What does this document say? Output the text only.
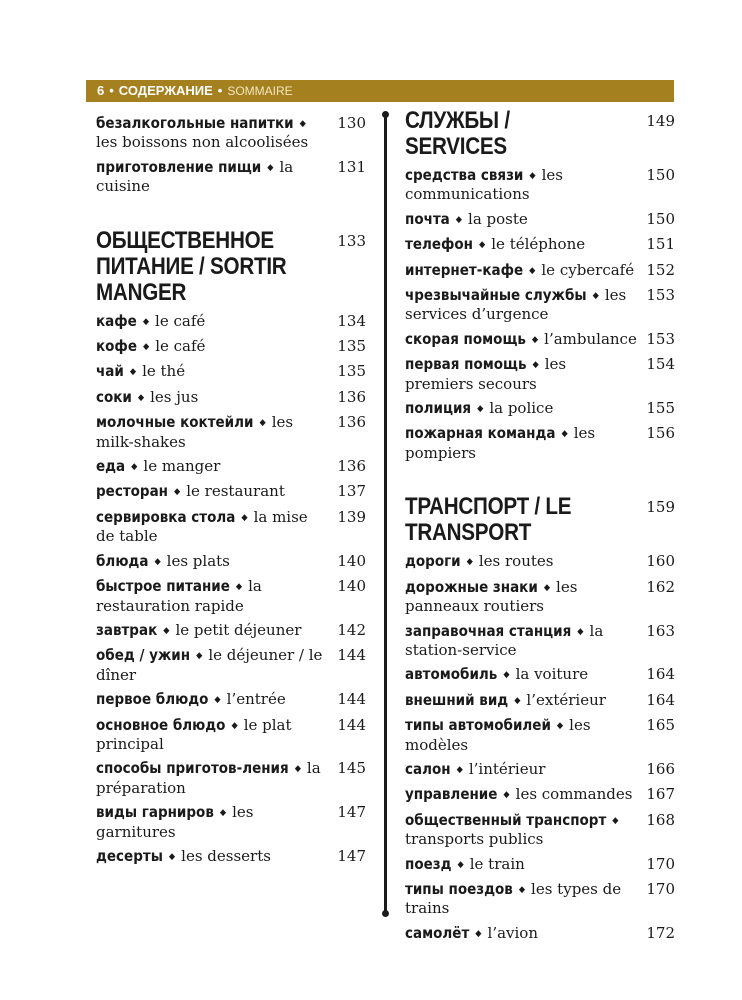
6 • СОДЕРЖАНИЕ • SOMMAIRE
безалкогольные напитки ◆les boissons non alcoolisées
130
приготовление пищи ◆ la cuisine
131
ОБЩЕСТВЕННОЕ ПИТАНИЕ / SORTIR MANGER
133
кафе ◆ le café	134
кофе ◆ le café	135
чай ◆ le thé	135
соки ◆ les jus	136
молочные коктейли ◆ les milk-shakes
136
еда ◆ le manger	136
ресторан ◆ le restaurant	137
сервировка стола ◆ la mise de table
139
блюда ◆ les plats	140
быстрое питание ◆ la restauration rapide
140
завтрак ◆ le petit déjeuner 142
обед / ужин ◆ le déjeuner / le dîner
144
первое блюдо ◆ l’entrée	144
основное блюдо ◆ le plat principal
144
способы приготов-ления ◆ la préparation
145
виды гарниров ◆ les garnitures
147
десерты ◆ les desserts	147
СЛУЖБЫ / SERVICES
149
средства связи ◆ les communications
150
почта ◆ la poste	150
телефон ◆ le téléphone	151
интернет-кафе ◆ le cybercafé 152
чрезвычайные службы ◆ les services d’urgence
153
скорая помощь ◆ l’ambulance 153
первая помощь ◆ les premiers secours
154
полиция ◆ la police	155
пожарная команда ◆ les pompiers
156
ТРАНСПОРТ / LE TRANSPORT
159
дороги ◆ les routes	160
дорожные знаки ◆ les panneaux routiers
162
заправочная станция ◆ la station-service
163
автомобиль ◆ la voiture	164
внешний вид ◆ l’extérieur	164
типы автомобилей ◆ les modèles
165
салон ◆ l’intérieur	166
управление ◆ les commandes 167
общественный транспорт ◆transports publics
168
поезд ◆ le train	170
типы поездов ◆ les types de trains
170
самолёт ◆ l’avion	172
